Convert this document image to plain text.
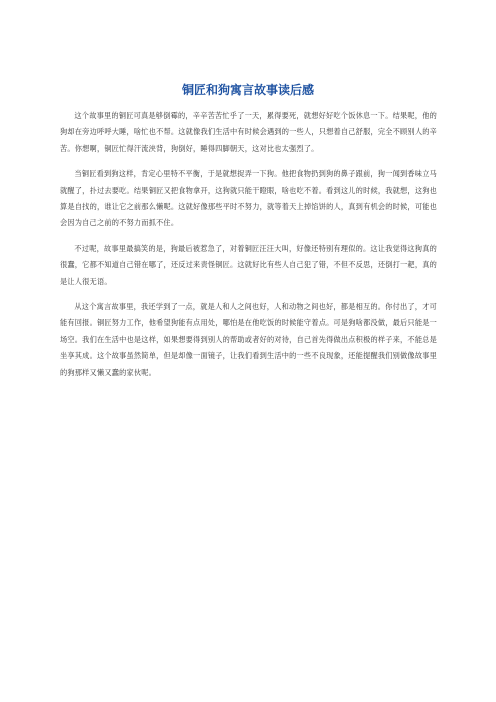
铜匠和狗寓言故事读后感

这个故事里的铜匠可真是够倒霉的，辛辛苦苦忙乎了一天，累得要死，就想好好吃个饭休息一下。结果呢，他的狗却在旁边呼呼大睡，啥忙也不帮。这就像我们生活中有时候会遇到的一些人，只想着自己舒服，完全不顾别人的辛苦。你想啊，铜匠忙得汗流浃背，狗倒好，睡得四脚朝天，这对比也太强烈了。

当铜匠看到狗这样，肯定心里特不平衡，于是就想捉弄一下狗。他把食物扔到狗的鼻子跟前，狗一闻到香味立马就醒了，扑过去要吃。结果铜匠又把食物拿开，这狗就只能干瞪眼，啥也吃不着。看到这儿的时候，我就想，这狗也算是自找的，谁让它之前那么懒呢。这就好像那些平时不努力，就等着天上掉馅饼的人，真到有机会的时候，可能也会因为自己之前的不努力而抓不住。

不过呢，故事里最搞笑的是，狗最后被惹急了，对着铜匠汪汪大叫，好像还特别有理似的。这让我觉得这狗真的很蠢，它都不知道自己错在哪了，还反过来责怪铜匠。这就好比有些人自己犯了错，不但不反思，还倒打一耙，真的是让人很无语。

从这个寓言故事里，我还学到了一点，就是人和人之间也好，人和动物之间也好，都是相互的。你付出了，才可能有回报。铜匠努力工作，他希望狗能有点用处，哪怕是在他吃饭的时候能守着点。可是狗啥都没做，最后只能是一场空。我们在生活中也是这样，如果想要得到别人的帮助或者好的对待，自己首先得做出点积极的样子来，不能总是坐享其成。这个故事虽然简单，但是却像一面镜子，让我们看到生活中的一些不良现象，还能提醒我们别做像故事里的狗那样又懒又蠢的家伙呢。
